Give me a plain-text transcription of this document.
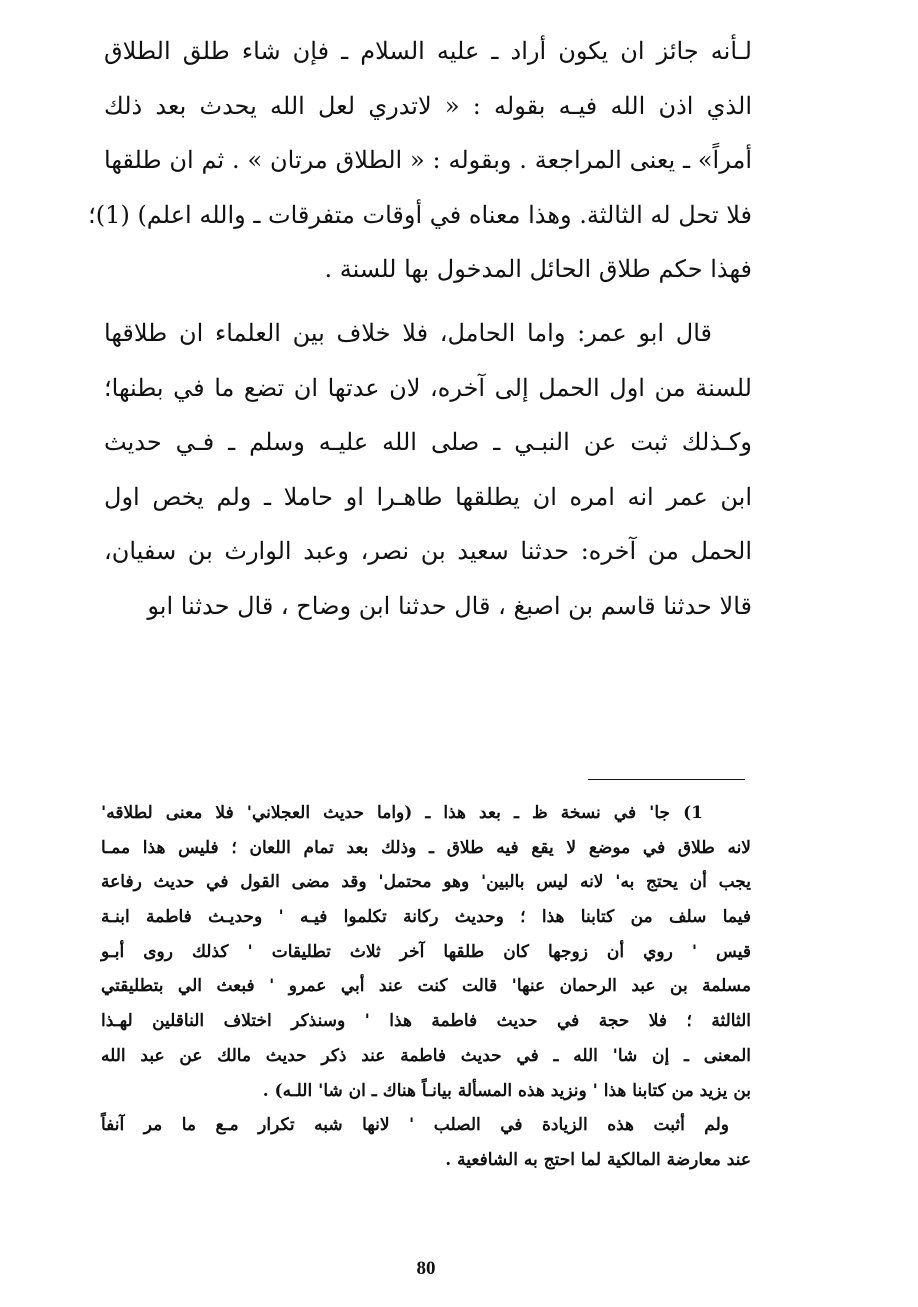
لـأنه جائز ان يكون أراد ـ عليه السلام ـ فإن شاء طلق الطلاق
الذي اذن الله فيـه بقوله : « لاتدري لعل الله يحدث بعد ذلك
أمراً» ـ يعنى المراجعة . وبقوله : « الطلاق مرتان » . ثم ان طلقها
فلا تحل له الثالثة. وهذا معناه في أوقات متفرقات ـ والله اعلم) (1)؛
فهذا حكم طلاق الحائل المدخول بها للسنة .
قال ابو عمر: واما الحامل، فلا خلاف بين العلماء ان طلاقها
للسنة من اول الحمل إلى آخره، لان عدتها ان تضع ما في بطنها؛
وكـذلك ثبت عن النبـي ـ صلى الله عليـه وسلم ـ فـي حديث
ابن عمر انه امره ان يطلقها طاهـرا او حاملا ـ ولم يخص اول
الحمل من آخره: حدثنا سعيد بن نصر، وعبد الوارث بن سفيان،
قالا حدثنا قاسم بن اصبغ ، قال حدثنا ابن وضاح ، قال حدثنا ابو
1) جا' في نسخة ظ ـ بعد هذا ـ (واما حديث العجلاني' فلا معنى لطلاقه'
لانه طلاق في موضع لا يقع فيه طلاق ـ وذلك بعد تمام اللعان ؛ فليس هذا ممـا
يجب أن يحتج به' لانه ليس بالبين' وهو محتمل' وقد مضى القول في حديث رفاعة
فيما سلف من كتابنا هذا ؛ وحديث ركانة تكلموا فيـه ' وحديـث فاطمة ابنـة
قيس ' روي أن زوجها كان طلقها آخر ثلاث تطليقات ' كذلك روى أبـو
مسلمة بن عبد الرحمان عنها' قالت كنت عند أبي عمرو ' فبعث الي بتطليقتي
الثالثة ؛ فلا حجة في حديث فاطمة هذا ' وسنذكر اختلاف الناقلين لهـذا
المعنى ـ إن شا' الله ـ في حديث فاطمة عند ذكر حديث مالك عن عبد الله
بن يزيد من كتابنا هذا ' ونزيد هذه المسألة بيانـاً هناك ـ ان شا' اللـه) .
ولم أثبت هذه الزيادة في الصلب ' لانها شبه تكرار مـع ما مر آنفاً
عند معارضة المالكية لما احتج به الشافعية .
80
